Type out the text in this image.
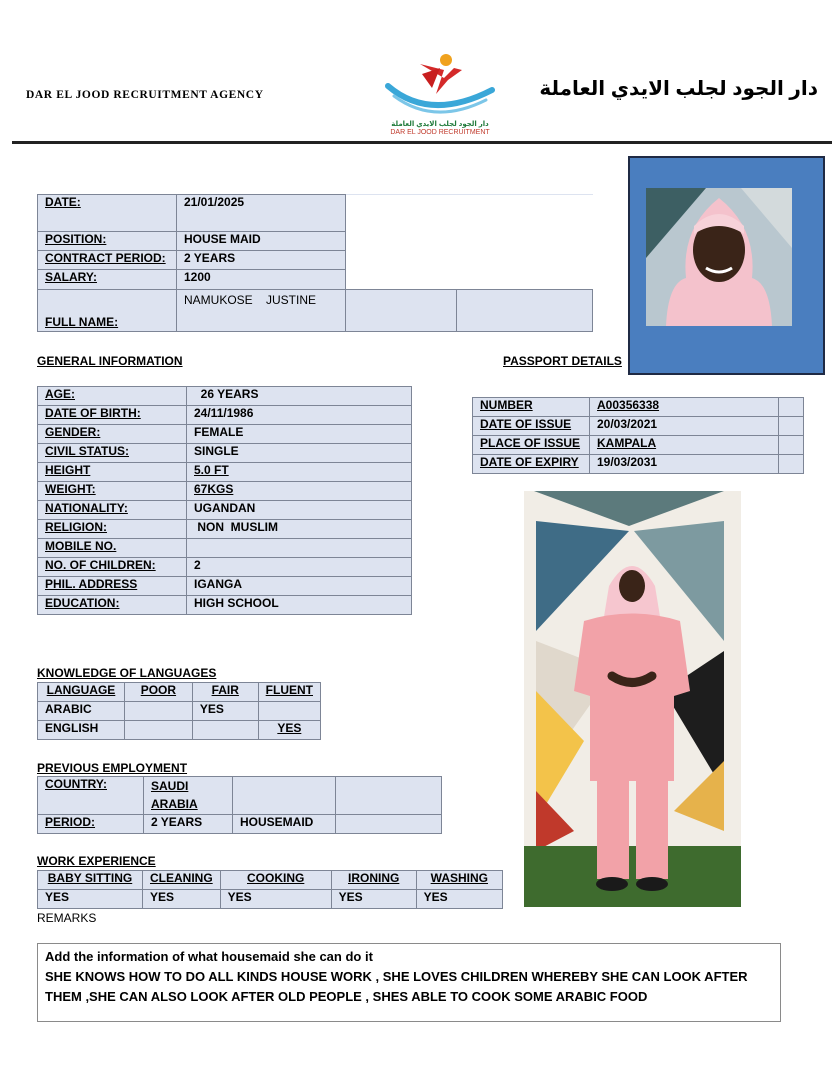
DAR EL JOOD RECRUITMENT AGENCY
دار الجود لجلب الايدي العاملة
DAR EL JOOD RECRUITMENT
دار الجود لجلب الايدي العاملة
DATE:	21/01/2025		
POSITION:	HOUSE MAID		
CONTRACT PERIOD:	2 YEARS		
SALARY:	1200		
FULL NAME:	NAMUKOSE    JUSTINE		
GENERAL INFORMATION
AGE:	26 YEARS
DATE OF BIRTH:	24/11/1986
GENDER:	FEMALE
CIVIL STATUS:	SINGLE
HEIGHT	5.0 FT
WEIGHT:	67KGS
NATIONALITY:	UGANDAN
RELIGION:	NON  MUSLIM
MOBILE NO.	
NO. OF CHILDREN:	2
PHIL. ADDRESS	IGANGA
EDUCATION:	HIGH SCHOOL
PASSPORT DETAILS
NUMBER	A00356338	
DATE OF ISSUE	20/03/2021	
PLACE OF ISSUE	KAMPALA	
DATE OF EXPIRY	19/03/2031	
KNOWLEDGE OF LANGUAGES
LANGUAGE	POOR	FAIR	FLUENT
ARABIC		YES	
ENGLISH			YES
PREVIOUS EMPLOYMENT
COUNTRY:	SAUDI ARABIA		
PERIOD:	2 YEARS	HOUSEMAID	
WORK EXPERIENCE
BABY SITTING	CLEANING	COOKING	IRONING	WASHING
YES	YES	YES	YES	YES
REMARKS
Add the information of what housemaid she can do it
SHE KNOWS HOW TO DO ALL KINDS HOUSE WORK , SHE LOVES CHILDREN WHEREBY SHE CAN LOOK AFTER THEM ,SHE CAN ALSO LOOK AFTER OLD PEOPLE , SHES ABLE TO COOK SOME ARABIC FOOD
